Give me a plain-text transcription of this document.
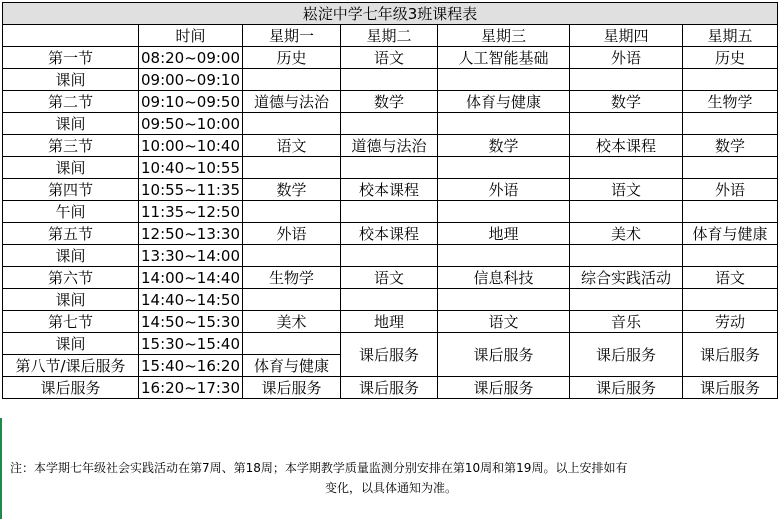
崧淀中学七年级3班课程表						
	时间	星期一	星期二	星期三	星期四	星期五
第一节	08:20~09:00	历史	语文	人工智能基础	外语	历史
课间	09:00~09:10					
第二节	09:10~09:50	道德与法治	数学	体育与健康	数学	生物学
课间	09:50~10:00					
第三节	10:00~10:40	语文	道德与法治	数学	校本课程	数学
课间	10:40~10:55					
第四节	10:55~11:35	数学	校本课程	外语	语文	外语
午间	11:35~12:50					
第五节	12:50~13:30	外语	校本课程	地理	美术	体育与健康
课间	13:30~14:00					
第六节	14:00~14:40	生物学	语文	信息科技	综合实践活动	语文
课间	14:40~14:50					
第七节	14:50~15:30	美术	地理	语文	音乐	劳动
课间	15:30~15:40		课后服务	课后服务	课后服务	课后服务
第八节/课后服务	15:40~16:20	体育与健康				
课后服务	16:20~17:30	课后服务	课后服务	课后服务	课后服务	课后服务
注：本学期七年级社会实践活动在第7周、第18周；本学期教学质量监测分别安排在第10周和第19周。以上安排如有
变化，以具体通知为准。
